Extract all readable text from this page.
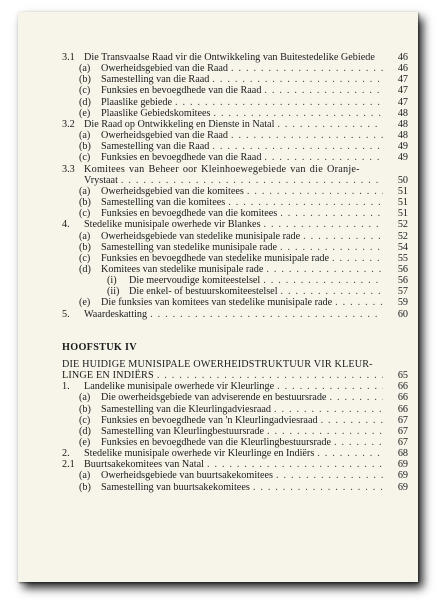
3.1 Die Transvaalse Raad vir die Ontwikkeling van Buitestedelike Gebiede	46
(a)	Owerheidsgebied van die Raad . . .	46
(b) Samestelling van die Raad . . .	47
(c)	Funksies en bevoegdhede van die Raad . . .	47
(d) Plaaslike gebiede . . .	47
(e)	Plaaslike Gebiedskomitees . . .	48
3.2 Die Raad op Ontwikkeling en Dienste in Natal . . .	48
(a)	Owerheidsgebied van die Raad . . .	48
(b) Samestelling van die Raad . . .	49
(c)	Funksies en bevoegdhede van die Raad . . .	49
3.3 Komitees van Beheer oor Kleinhoewegebiede van die Oranje-
Vrystaat . . .	50
(a)	Owerheidsgebied van die komitees . . .	51
(b) Samestelling van die komitees . . .	51
(c)	Funksies en bevoegdhede van die komitees . . .	51
4.	Stedelike munisipale owerhede vir Blankes . . .	52
(a)	Owerheidsgebiede van stedelike munisipale rade . . .	52
(b) Samestelling van stedelike munisipale rade . . .	54
(c)	Funksies en bevoegdhede van stedelike munisipale rade . . .	55
(d) Komitees van stedelike munisipale rade . . .	56
(i)	Die meervoudige komiteestelsel . . .	56
(ii) Die enkel- of bestuurskomiteestelsel . . .	57
(e)	Die funksies van komitees van stedelike munisipale rade . . .	59
5.	Waardeskatting . . .	60
HOOFSTUK IV
DIE HUIDIGE MUNISIPALE OWERHEIDSTRUKTUUR VIR KLEUR-
LINGE EN INDIËRS . . .	65
1.	Landelike munisipale owerhede vir Kleurlinge . . .	66
(a)	Die owerheidsgebiede van adviserende en bestuursrade . . .	66
(b) Samestelling van die Kleurlingadviesraad . . .	66
(c)	Funksies en bevoegdhede van 'n Kleurlingadviesraad . . .	67
(d) Samestelling van Kleurlingbestuursrade . . .	67
(e)	Funksies en bevoegdhede van die Kleurlingbestuursrade . . .	67
2.	Stedelike munisipale owerhede vir Kleurlinge en Indiërs . . .	68
2.1 Buurtsakekomitees van Natal . . .	69
(a)	Owerheidsgebiede van buurtsakekomitees . . .	69
(b) Samestelling van buurtsakekomitees . . .	69
